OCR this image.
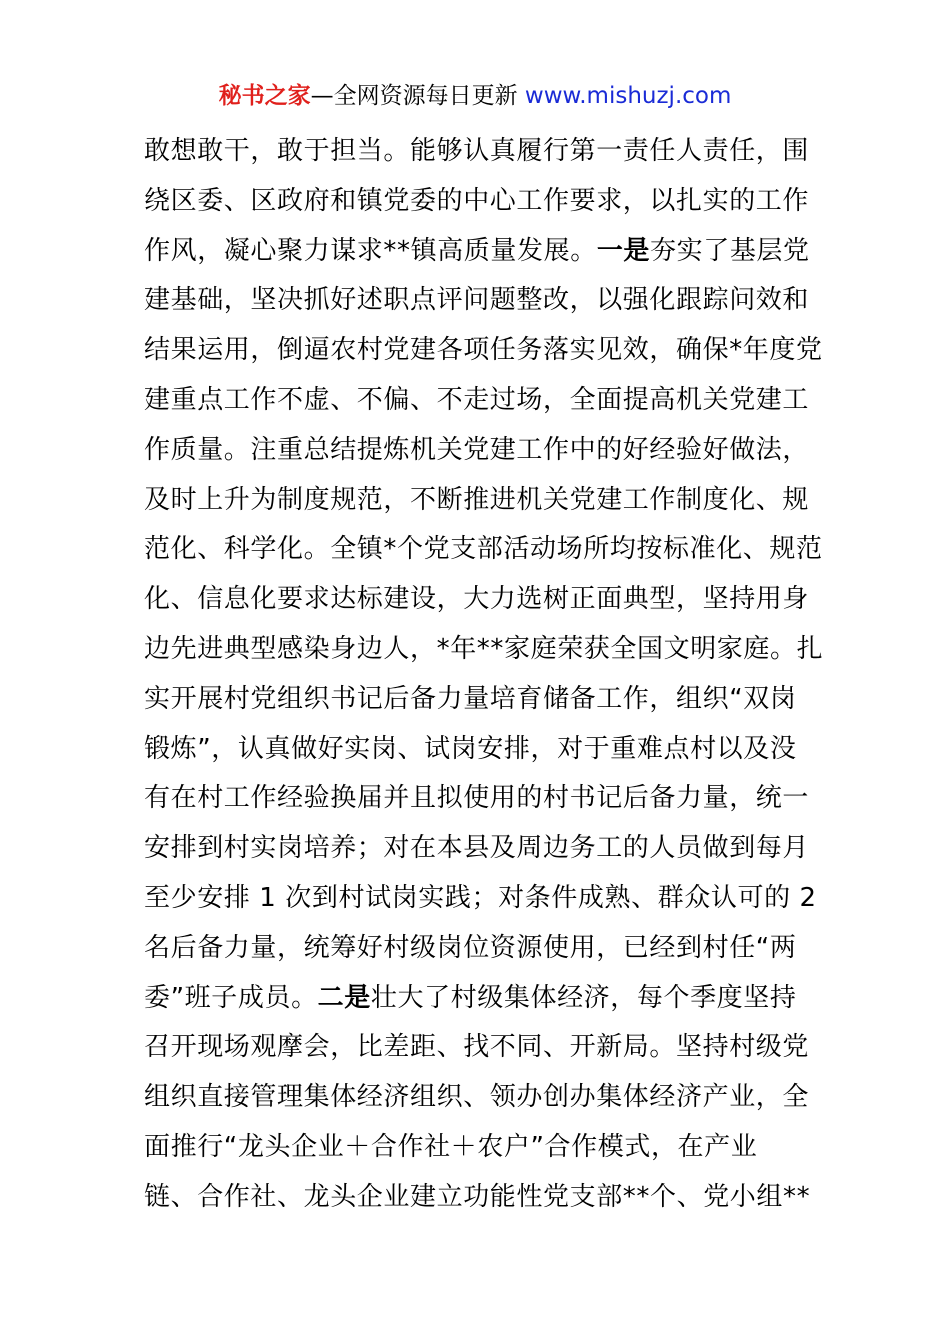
秘书之家—全网资源每日更新 www.mishuzj.com
敢想敢干，敢于担当。能够认真履行第一责任人责任，围
绕区委、区政府和镇党委的中心工作要求，以扎实的工作
作风，凝心聚力谋求**镇高质量发展。一是夯实了基层党
建基础，坚决抓好述职点评问题整改，以强化跟踪问效和
结果运用，倒逼农村党建各项任务落实见效，确保*年度党
建重点工作不虚、不偏、不走过场，全面提高机关党建工
作质量。注重总结提炼机关党建工作中的好经验好做法，
及时上升为制度规范，不断推进机关党建工作制度化、规
范化、科学化。全镇*个党支部活动场所均按标准化、规范
化、信息化要求达标建设，大力选树正面典型，坚持用身
边先进典型感染身边人，*年**家庭荣获全国文明家庭。扎
实开展村党组织书记后备力量培育储备工作，组织“双岗
锻炼”，认真做好实岗、试岗安排，对于重难点村以及没
有在村工作经验换届并且拟使用的村书记后备力量，统一
安排到村实岗培养；对在本县及周边务工的人员做到每月
至少安排 1 次到村试岗实践；对条件成熟、群众认可的 2
名后备力量，统筹好村级岗位资源使用，已经到村任“两
委”班子成员。二是壮大了村级集体经济，每个季度坚持
召开现场观摩会，比差距、找不同、开新局。坚持村级党
组织直接管理集体经济组织、领办创办集体经济产业，全
面推行“龙头企业＋合作社＋农户”合作模式，在产业
链、合作社、龙头企业建立功能性党支部**个、党小组**
